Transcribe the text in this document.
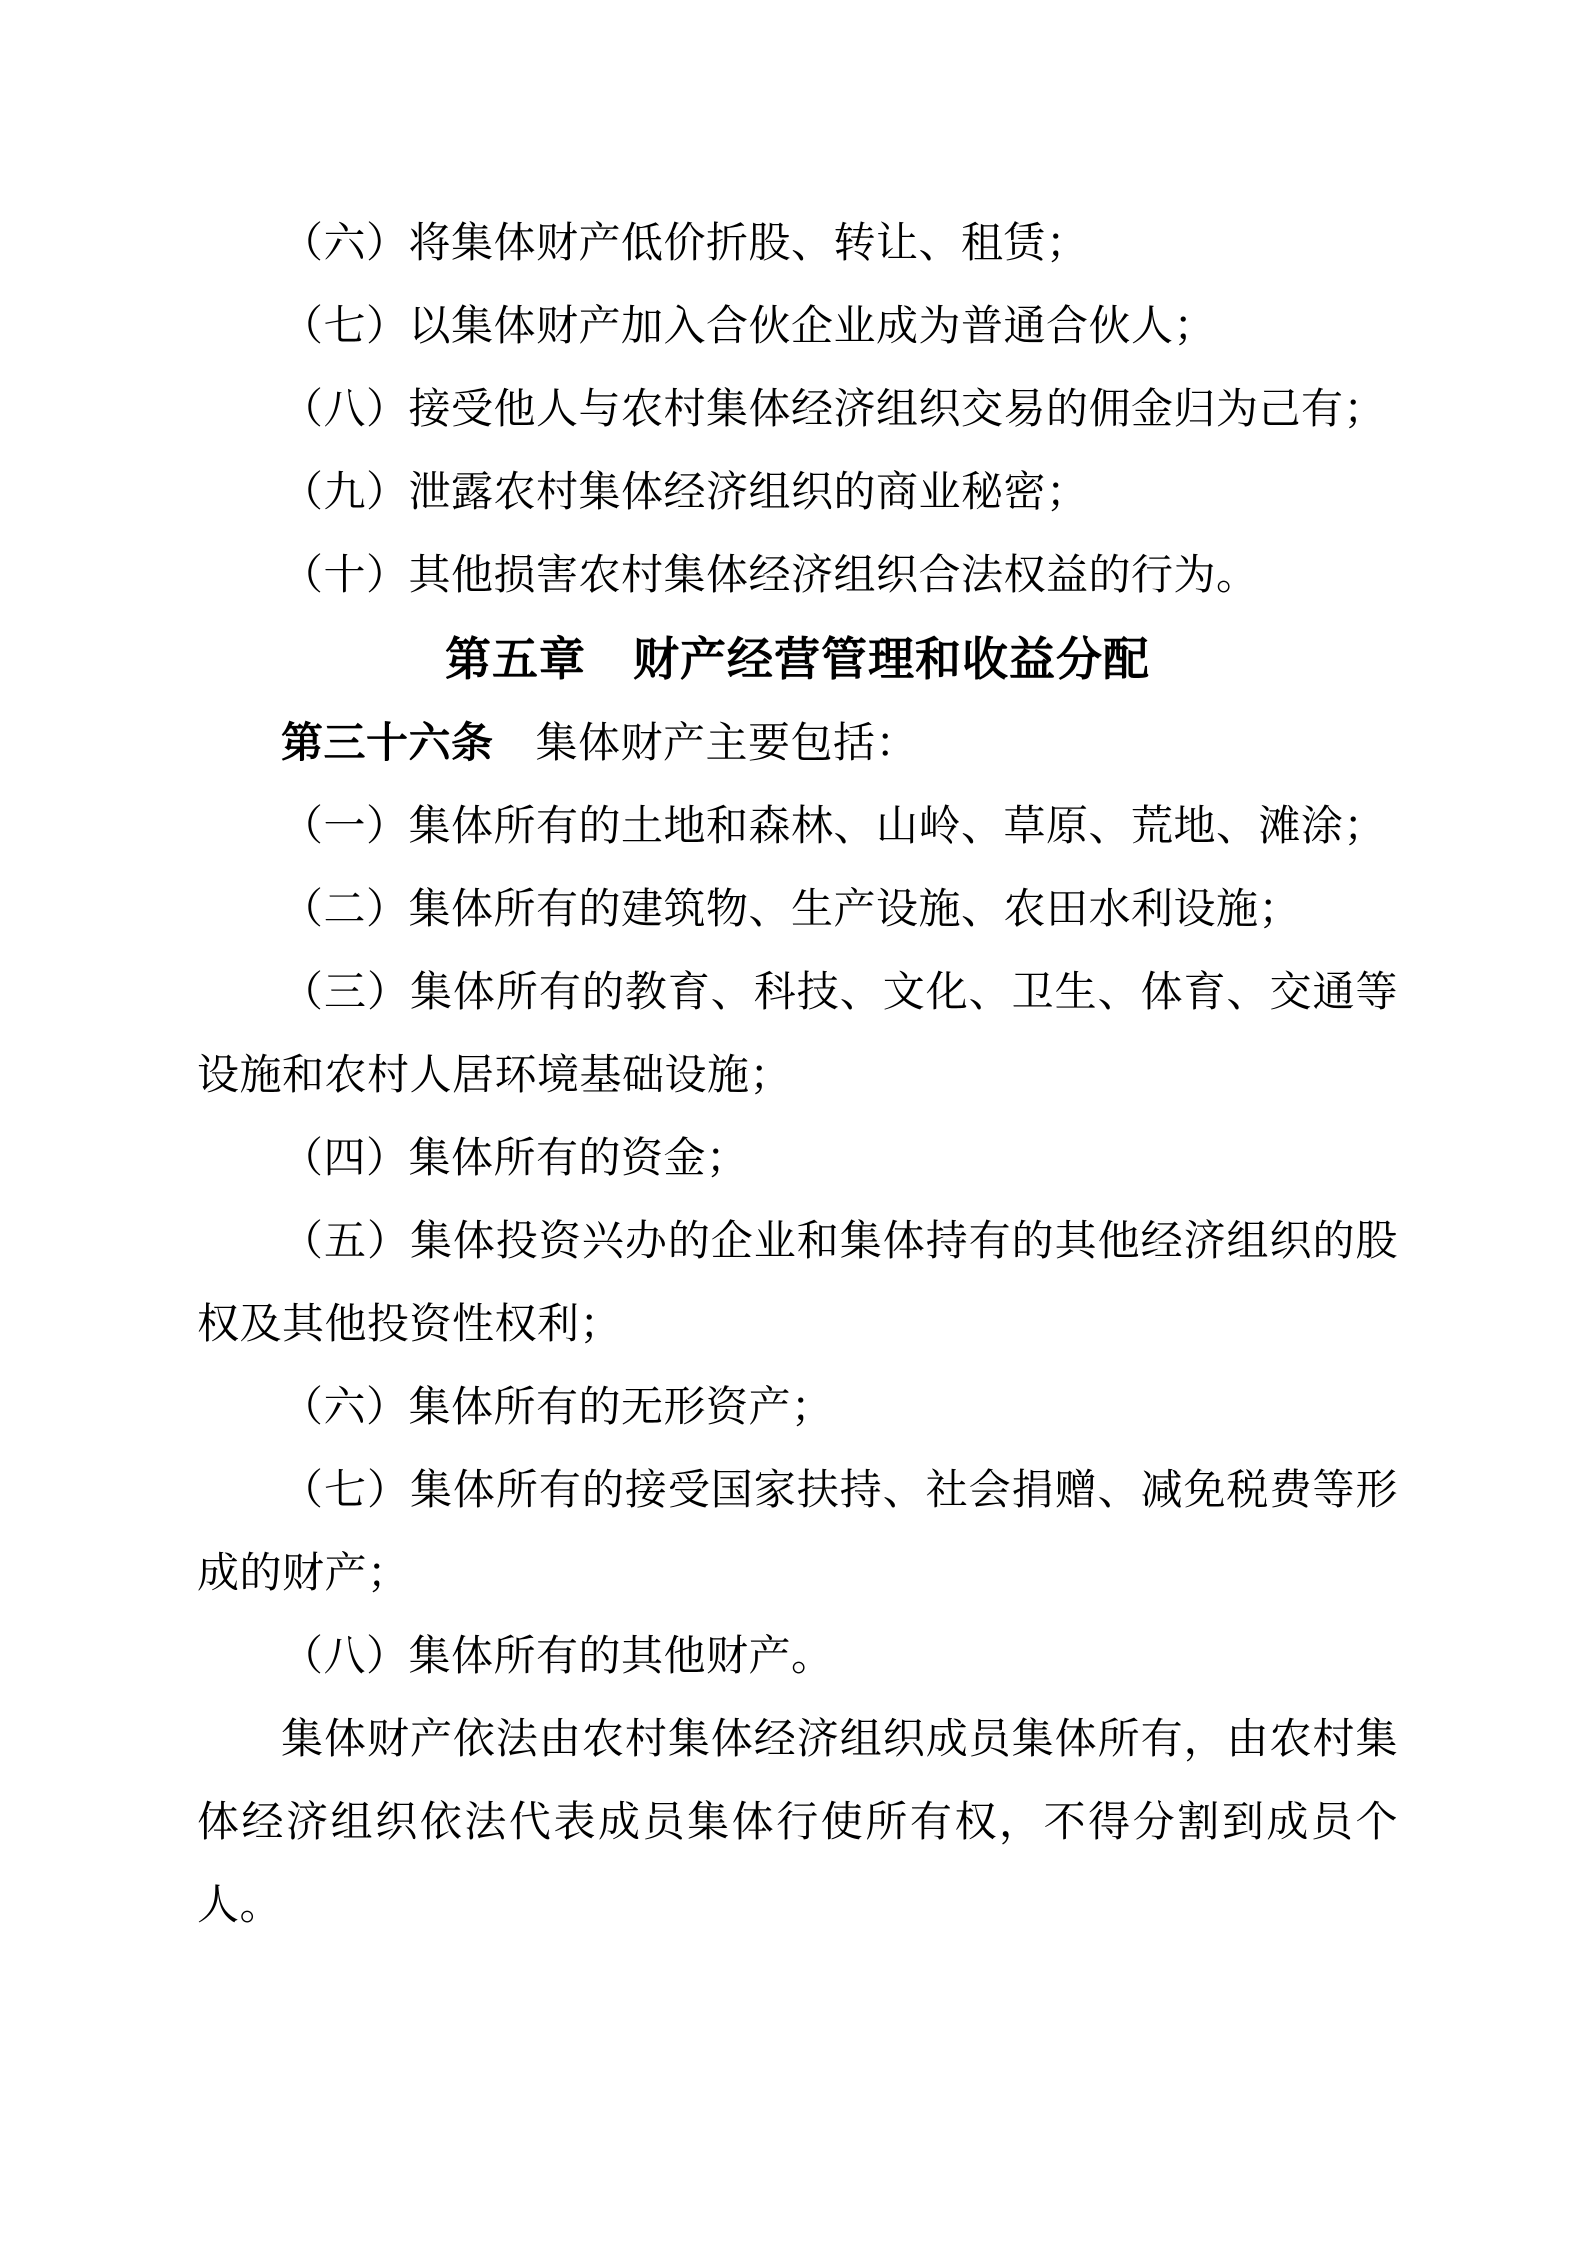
（六）将集体财产低价折股、转让、租赁；

（七）以集体财产加入合伙企业成为普通合伙人；

（八）接受他人与农村集体经济组织交易的佣金归为己有；

（九）泄露农村集体经济组织的商业秘密；

（十）其他损害农村集体经济组织合法权益的行为。

第五章　财产经营管理和收益分配

第三十六条 集体财产主要包括：

（一）集体所有的土地和森林、山岭、草原、荒地、滩涂；

（二）集体所有的建筑物、生产设施、农田水利设施；

（三）集体所有的教育、科技、文化、卫生、体育、交通等设施和农村人居环境基础设施；

（四）集体所有的资金；

（五）集体投资兴办的企业和集体持有的其他经济组织的股权及其他投资性权利；

（六）集体所有的无形资产；

（七）集体所有的接受国家扶持、社会捐赠、减免税费等形成的财产；

（八）集体所有的其他财产。

集体财产依法由农村集体经济组织成员集体所有，由农村集体经济组织依法代表成员集体行使所有权，不得分割到成员个人。
